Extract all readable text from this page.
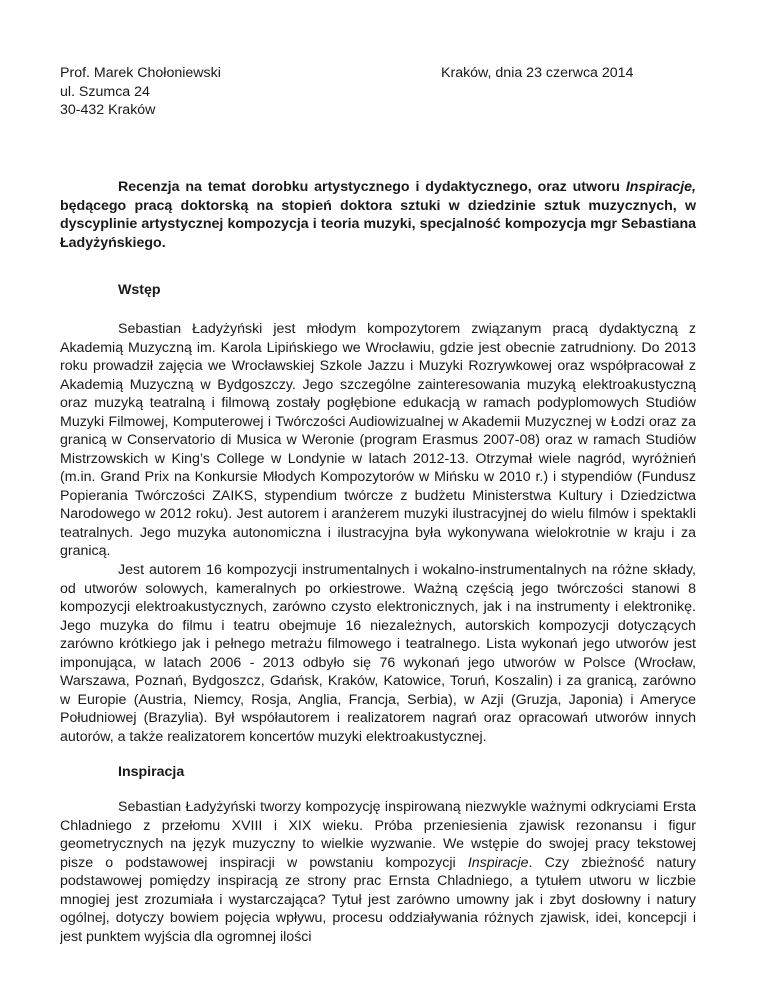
Prof. Marek Chołoniewski
ul. Szumca 24
30-432 Kraków
Kraków, dnia 23 czerwca 2014
Recenzja na temat dorobku artystycznego i dydaktycznego, oraz utworu Inspiracje, będącego pracą doktorską na stopień doktora sztuki w dziedzinie sztuk muzycznych, w dyscyplinie artystycznej kompozycja i teoria muzyki, specjalność kompozycja mgr Sebastiana Ładyżyńskiego.
Wstęp
Sebastian Ładyżyński jest młodym kompozytorem związanym pracą dydaktyczną z Akademią Muzyczną im. Karola Lipińskiego we Wrocławiu, gdzie jest obecnie zatrudniony. Do 2013 roku prowadził zajęcia we Wrocławskiej Szkole Jazzu i Muzyki Rozrywkowej oraz współpracował z Akademią Muzyczną w Bydgoszczy. Jego szczególne zainteresowania muzyką elektroakustyczną oraz muzyką teatralną i filmową zostały pogłębione edukacją w ramach podyplomowych Studiów Muzyki Filmowej, Komputerowej i Twórczości Audiowizualnej w Akademii Muzycznej w Łodzi oraz za granicą w Conservatorio di Musica w Weronie (program Erasmus 2007-08) oraz w ramach Studiów Mistrzowskich w King’s College w Londynie w latach 2012-13. Otrzymał wiele nagród, wyróżnień (m.in. Grand Prix na Konkursie Młodych Kompozytorów w Mińsku w 2010 r.) i stypendiów (Fundusz Popierania Twórczości ZAIKS, stypendium twórcze z budżetu Ministerstwa Kultury i Dziedzictwa Narodowego w 2012 roku). Jest autorem i aranżerem muzyki ilustracyjnej do wielu filmów i spektakli teatralnych. Jego muzyka autonomiczna i ilustracyjna była wykonywana wielokrotnie w kraju i za granicą.
Jest autorem 16 kompozycji instrumentalnych i wokalno-instrumentalnych na różne składy, od utworów solowych, kameralnych po orkiestrowe. Ważną częścią jego twórczości stanowi 8 kompozycji elektroakustycznych, zarówno czysto elektronicznych, jak i na instrumenty i elektronikę. Jego muzyka do filmu i teatru obejmuje 16 niezależnych, autorskich kompozycji dotyczących zarówno krótkiego jak i pełnego metrażu filmowego i teatralnego. Lista wykonań jego utworów jest imponująca, w latach 2006 - 2013 odbyło się 76 wykonań jego utworów w Polsce (Wrocław, Warszawa, Poznań, Bydgoszcz, Gdańsk, Kraków, Katowice, Toruń, Koszalin) i za granicą, zarówno w Europie (Austria, Niemcy, Rosja, Anglia, Francja, Serbia), w Azji (Gruzja, Japonia) i Ameryce Południowej (Brazylia). Był współautorem i realizatorem nagrań oraz opracowań utworów innych autorów, a także realizatorem koncertów muzyki elektroakustycznej.
Inspiracja
Sebastian Ładyżyński tworzy kompozycję inspirowaną niezwykle ważnymi odkryciami Ersta Chladniego z przełomu XVIII i XIX wieku. Próba przeniesienia zjawisk rezonansu i figur geometrycznych na język muzyczny to wielkie wyzwanie. We wstępie do swojej pracy tekstowej pisze o podstawowej inspiracji w powstaniu kompozycji Inspiracje. Czy zbieżność natury podstawowej pomiędzy inspiracją ze strony prac Ernsta Chladniego, a tytułem utworu w liczbie mnogiej jest zrozumiała i wystarczająca? Tytuł jest zarówno umowny jak i zbyt dosłowny i natury ogólnej, dotyczy bowiem pojęcia wpływu, procesu oddziaływania różnych zjawisk, idei, koncepcji i jest punktem wyjścia dla ogromnej ilości
